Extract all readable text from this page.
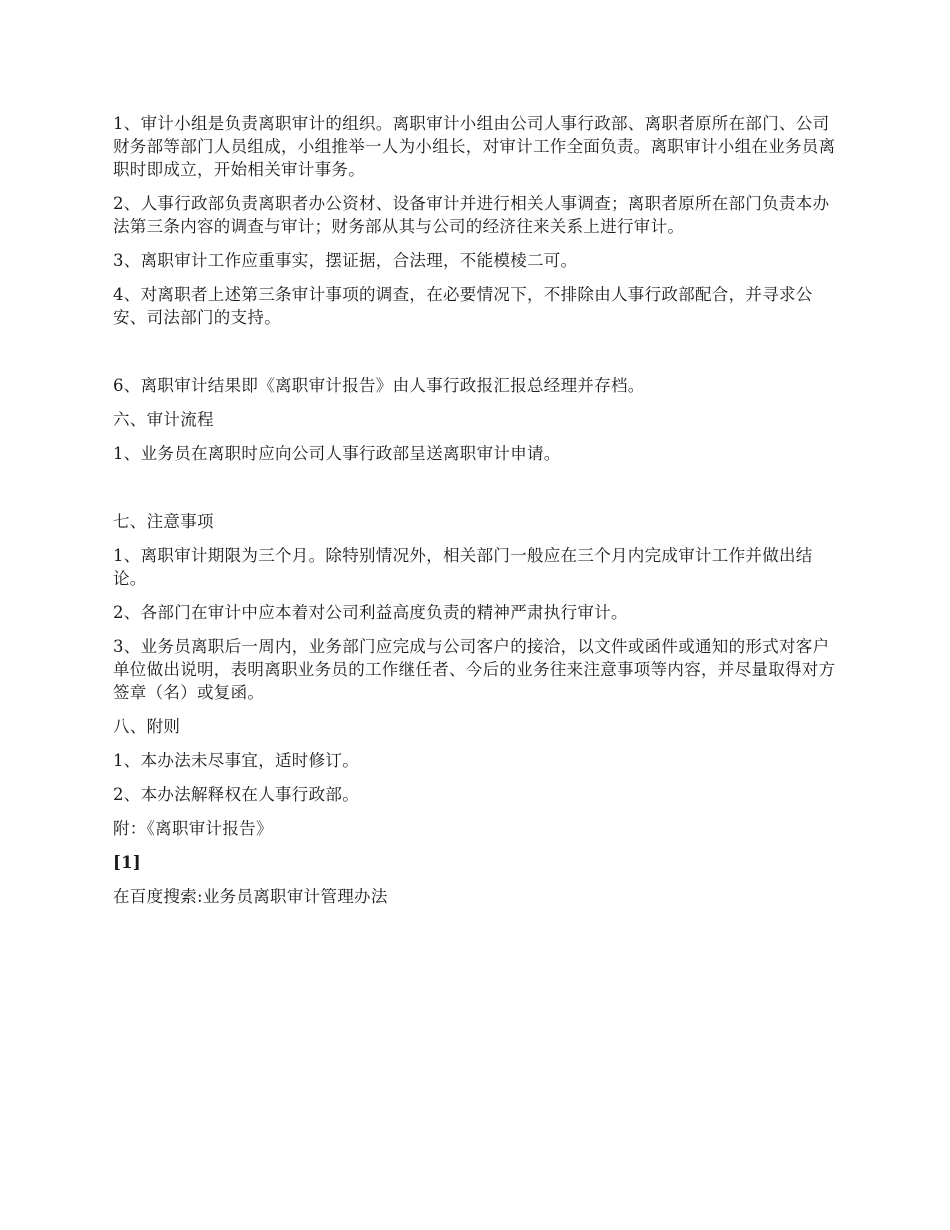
1、审计小组是负责离职审计的组织。离职审计小组由公司人事行政部、离职者原所在部门、公司财务部等部门人员组成，小组推举一人为小组长，对审计工作全面负责。离职审计小组在业务员离职时即成立，开始相关审计事务。

2、人事行政部负责离职者办公资材、设备审计并进行相关人事调查；离职者原所在部门负责本办法第三条内容的调查与审计；财务部从其与公司的经济往来关系上进行审计。

3、离职审计工作应重事实，摆证据，合法理，不能模棱二可。

4、对离职者上述第三条审计事项的调查，在必要情况下，不排除由人事行政部配合，并寻求公安、司法部门的支持。

6、离职审计结果即《离职审计报告》由人事行政报汇报总经理并存档。

六、审计流程

1、业务员在离职时应向公司人事行政部呈送离职审计申请。

七、注意事项

1、离职审计期限为三个月。除特别情况外，相关部门一般应在三个月内完成审计工作并做出结论。

2、各部门在审计中应本着对公司利益高度负责的精神严肃执行审计。

3、业务员离职后一周内，业务部门应完成与公司客户的接洽，以文件或函件或通知的形式对客户单位做出说明，表明离职业务员的工作继任者、今后的业务往来注意事项等内容，并尽量取得对方签章（名）或复函。

八、附则

1、本办法未尽事宜，适时修订。

2、本办法解释权在人事行政部。

附：《离职审计报告》

[1]

在百度搜索:业务员离职审计管理办法
